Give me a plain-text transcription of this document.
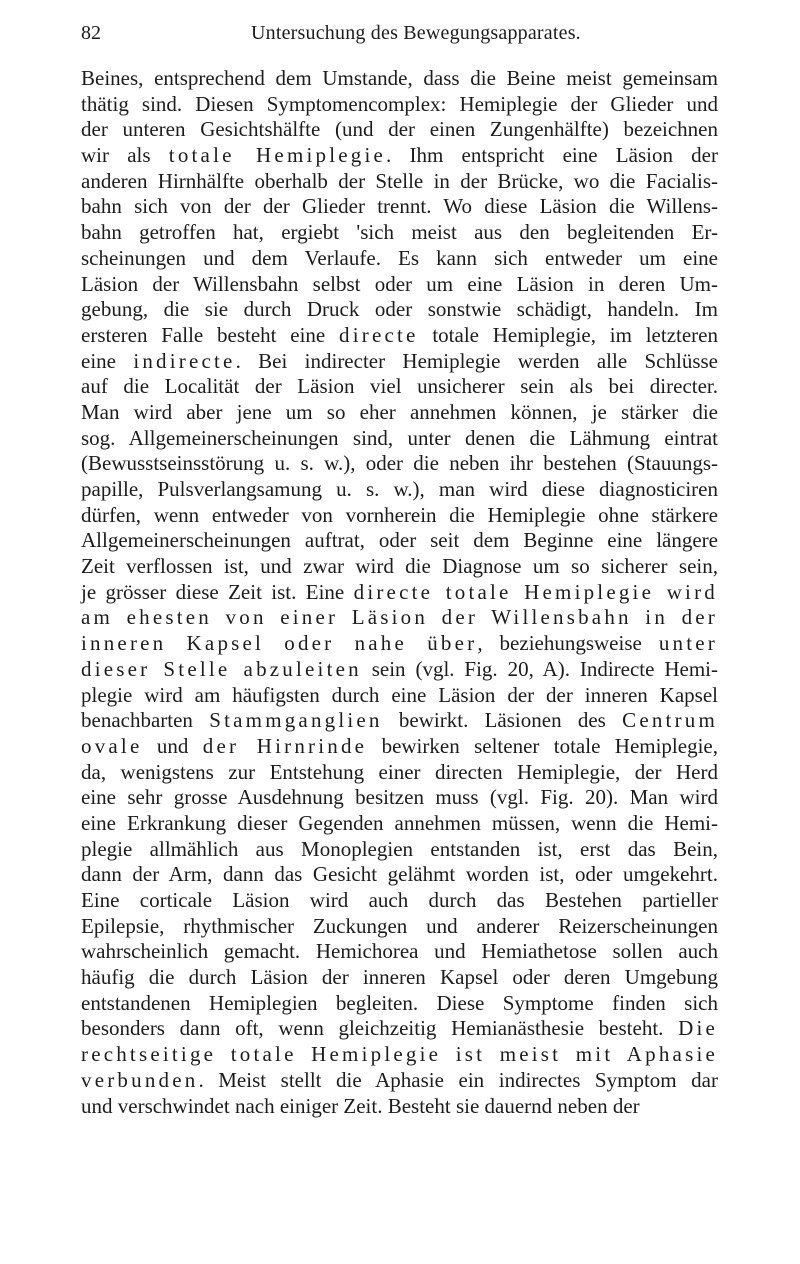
82	Untersuchung des Bewegungsapparates.
Beines, entsprechend dem Umstande, dass die Beine meist gemeinsam
thätig sind. Diesen Symptomencomplex: Hemiplegie der Glieder und
der unteren Gesichtshälfte (und der einen Zungenhälfte) bezeichnen
wir als totale Hemiplegie. Ihm entspricht eine Läsion der
anderen Hirnhälfte oberhalb der Stelle in der Brücke, wo die Facialis-
bahn sich von der der Glieder trennt. Wo diese Läsion die Willens-
bahn getroffen hat, ergiebt 'sich meist aus den begleitenden Er-
scheinungen und dem Verlaufe. Es kann sich entweder um eine
Läsion der Willensbahn selbst oder um eine Läsion in deren Um-
gebung, die sie durch Druck oder sonstwie schädigt, handeln. Im
ersteren Falle besteht eine directe totale Hemiplegie, im letzteren
eine indirecte. Bei indirecter Hemiplegie werden alle Schlüsse
auf die Localität der Läsion viel unsicherer sein als bei directer.
Man wird aber jene um so eher annehmen können, je stärker die
sog. Allgemeinerscheinungen sind, unter denen die Lähmung eintrat
(Bewusstseinsstörung u. s. w.), oder die neben ihr bestehen (Stauungs-
papille, Pulsverlangsamung u. s. w.), man wird diese diagnosticiren
dürfen, wenn entweder von vornherein die Hemiplegie ohne stärkere
Allgemeinerscheinungen auftrat, oder seit dem Beginne eine längere
Zeit verflossen ist, und zwar wird die Diagnose um so sicherer sein,
je grösser diese Zeit ist. Eine directe totale Hemiplegie wird
am ehesten von einer Läsion der Willensbahn in der
inneren Kapsel oder nahe über, beziehungsweise unter
dieser Stelle abzuleiten sein (vgl. Fig. 20, A). Indirecte Hemi-
plegie wird am häufigsten durch eine Läsion der der inneren Kapsel
benachbarten Stammganglien bewirkt. Läsionen des Centrum
ovale und der Hirnrinde bewirken seltener totale Hemiplegie,
da, wenigstens zur Entstehung einer directen Hemiplegie, der Herd
eine sehr grosse Ausdehnung besitzen muss (vgl. Fig. 20). Man wird
eine Erkrankung dieser Gegenden annehmen müssen, wenn die Hemi-
plegie allmählich aus Monoplegien entstanden ist, erst das Bein,
dann der Arm, dann das Gesicht gelähmt worden ist, oder umgekehrt.
Eine corticale Läsion wird auch durch das Bestehen partieller
Epilepsie, rhythmischer Zuckungen und anderer Reizerscheinungen
wahrscheinlich gemacht. Hemichorea und Hemiathetose sollen auch
häufig die durch Läsion der inneren Kapsel oder deren Umgebung
entstandenen Hemiplegien begleiten. Diese Symptome finden sich
besonders dann oft, wenn gleichzeitig Hemianästhesie besteht. Die
rechtseitige totale Hemiplegie ist meist mit Aphasie
verbunden. Meist stellt die Aphasie ein indirectes Symptom dar
und verschwindet nach einiger Zeit. Besteht sie dauernd neben der
